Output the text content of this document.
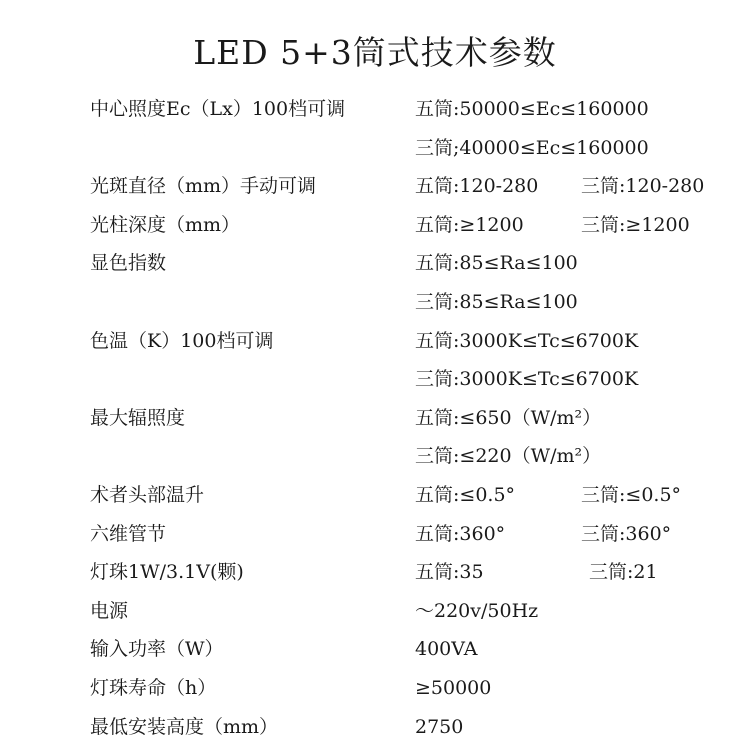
LED 5+3筒式技术参数
中心照度Ec（Lx）100档可调	五筒:50000≤Ec≤160000
三筒;40000≤Ec≤160000
光斑直径（mm）手动可调	五筒:120-280 三筒:120-280
光柱深度（mm）	五筒:≥1200	三筒:≥1200
显色指数	五筒:85≤Ra≤100
三筒:85≤Ra≤100
色温（K）100档可调	五筒:3000K≤Tc≤6700K
三筒:3000K≤Tc≤6700K
最大辐照度	五筒:≤650（W/m²）
三筒:≤220（W/m²）
术者头部温升	五筒:≤0.5°	三筒:≤0.5°
六维管节	五筒:360°	三筒:360°
灯珠1W/3.1V(颗)	五筒:35	三筒:21
电源	～220v/50Hz
输入功率（W）	400VA
灯珠寿命（h）	≥50000
最低安装高度（mm）	2750
